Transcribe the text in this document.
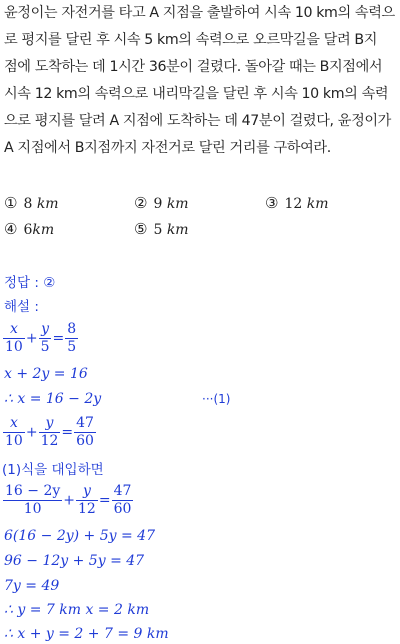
윤정이는 자전거를 타고 A 지점을 출발하여 시속 10 km의 속력으
로 평지를 달린 후 시속 5 km의 속력으로 오르막길을 달려 B지
점에 도착하는 데 1시간 36분이 걸렸다. 돌아갈 때는 B지점에서
시속 12 km의 속력으로 내리막길을 달린 후 시속 10 km의 속력
으로 평지를 달려 A 지점에 도착하는 데 47분이 걸렸다, 윤정이가
A 지점에서 B지점까지 자전거로 달린 거리를 구하여라.
① 8 km	② 9 km	③ 12 km
④ 6km	⑤ 5 km
정답 : ②
해설 :
$\frac{x}{10} + \frac{y}{5} = \frac{8}{5}$
x + 2y = 16
∴ x = 16 − 2y	···(1)
$\frac{x}{10} + \frac{y}{12} = \frac{47}{60}$
(1)식을 대입하면
$\frac{16 - 2y}{10} + \frac{y}{12} = \frac{47}{60}$
6(16 − 2y) + 5y = 47
96 − 12y + 5y = 47
7y = 49
∴ y = 7 km x = 2 km
∴ x + y = 2 + 7 = 9 km
